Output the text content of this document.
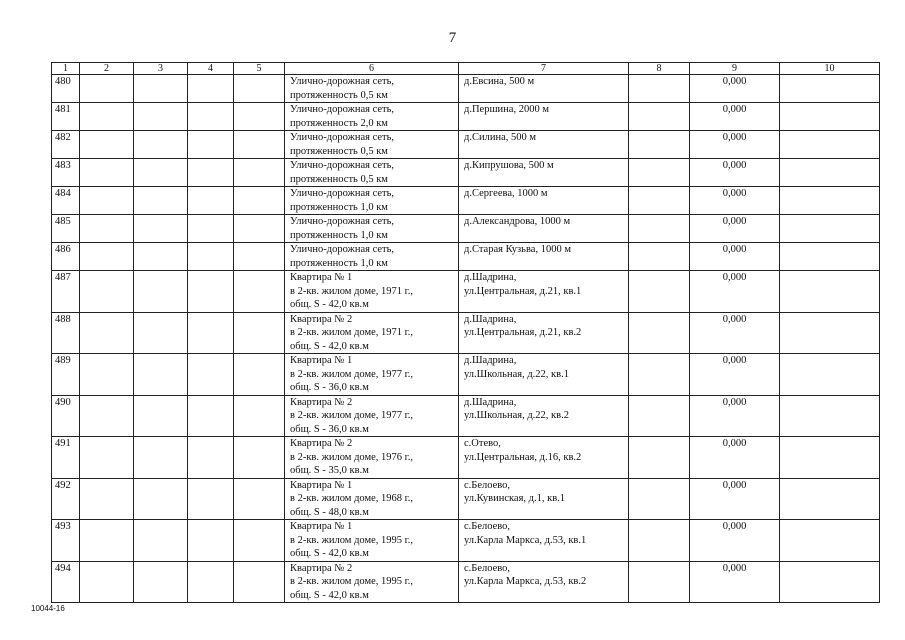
7
1	2	3	4	5	6	7	8	9	10
480					Улично-дорожная сеть,
протяженность 0,5 км	д.Евсина, 500 м		0,000	
481					Улично-дорожная сеть,
протяженность 2,0 км	д.Першина, 2000 м		0,000	
482					Улично-дорожная сеть,
протяженность 0,5 км	д.Силина, 500 м		0,000	
483					Улично-дорожная сеть,
протяженность 0,5 км	д.Кипрушова, 500 м		0,000	
484					Улично-дорожная сеть,
протяженность 1,0 км	д.Сергеева, 1000 м		0,000	
485					Улично-дорожная сеть,
протяженность 1,0 км	д.Александрова, 1000 м		0,000	
486					Улично-дорожная сеть,
протяженность 1,0 км	д.Старая Кузьва, 1000 м		0,000	
487					Квартира № 1
в 2-кв. жилом доме, 1971 г.,
общ. S - 42,0 кв.м	д.Шадрина,
ул.Центральная, д.21, кв.1		0,000	
488					Квартира № 2
в 2-кв. жилом доме, 1971 г.,
общ. S - 42,0 кв.м	д.Шадрина,
ул.Центральная, д.21, кв.2		0,000	
489					Квартира № 1
в 2-кв. жилом доме, 1977 г.,
общ. S - 36,0 кв.м	д.Шадрина,
ул.Школьная, д.22, кв.1		0,000	
490					Квартира № 2
в 2-кв. жилом доме, 1977 г.,
общ. S - 36,0 кв.м	д.Шадрина,
ул.Школьная, д.22, кв.2		0,000	
491					Квартира № 2
в 2-кв. жилом доме, 1976 г.,
общ. S - 35,0 кв.м	с.Отево,
ул.Центральная, д.16, кв.2		0,000	
492					Квартира № 1
в 2-кв. жилом доме, 1968 г.,
общ. S - 48,0 кв.м	с.Белоево,
ул.Кувинская, д.1, кв.1		0,000	
493					Квартира № 1
в 2-кв. жилом доме, 1995 г.,
общ. S - 42,0 кв.м	с.Белоево,
ул.Карла Маркса, д.53, кв.1		0,000	
494					Квартира № 2
в 2-кв. жилом доме, 1995 г.,
общ. S - 42,0 кв.м	с.Белоево,
ул.Карла Маркса, д.53, кв.2		0,000	
10044-16
